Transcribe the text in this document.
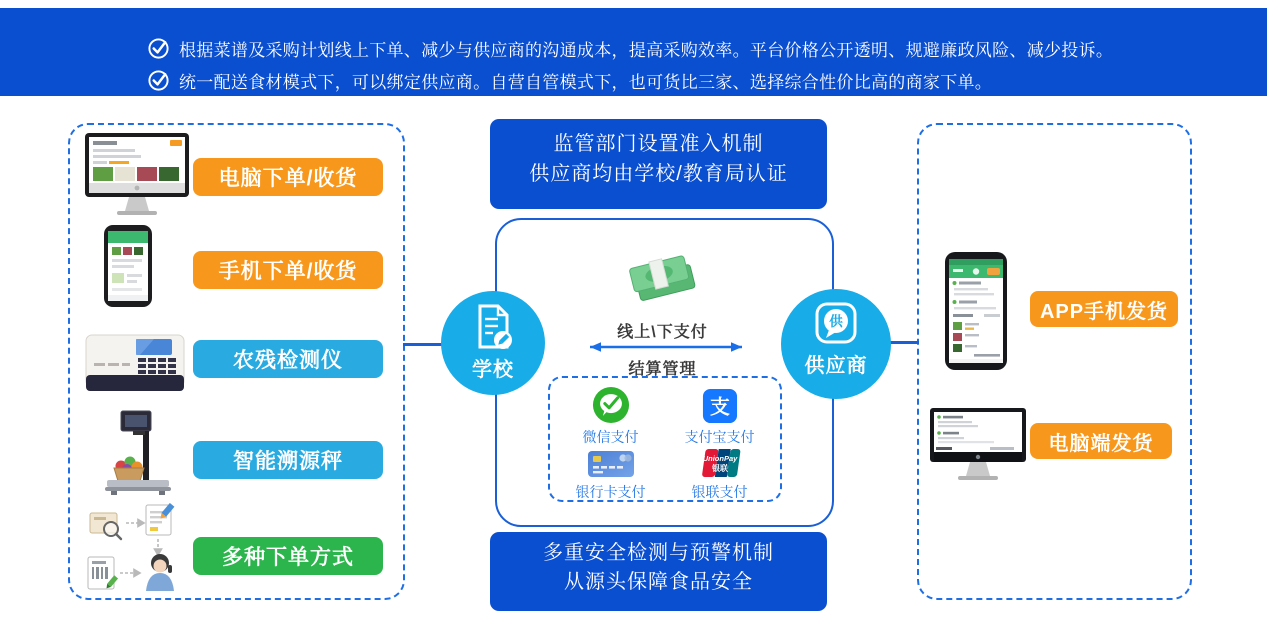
根据菜谱及采购计划线上下单、减少与供应商的沟通成本，提高采购效率。平台价格公开透明、规避廉政风险、减少投诉。
统一配送食材模式下，可以绑定供应商。自营自管模式下，也可货比三家、选择综合性价比高的商家下单。
电脑下单/收货
手机下单/收货
农残检测仪
智能溯源秤
多种下单方式
监管部门设置准入机制
供应商均由学校/教育局认证
线上\下支付
结算管理
微信支付
支
支付宝支付
银行卡支付
UnionPay
银联
银联支付
学校
供
供应商
多重安全检测与预警机制
从源头保障食品安全
APP手机发货
电脑端发货
